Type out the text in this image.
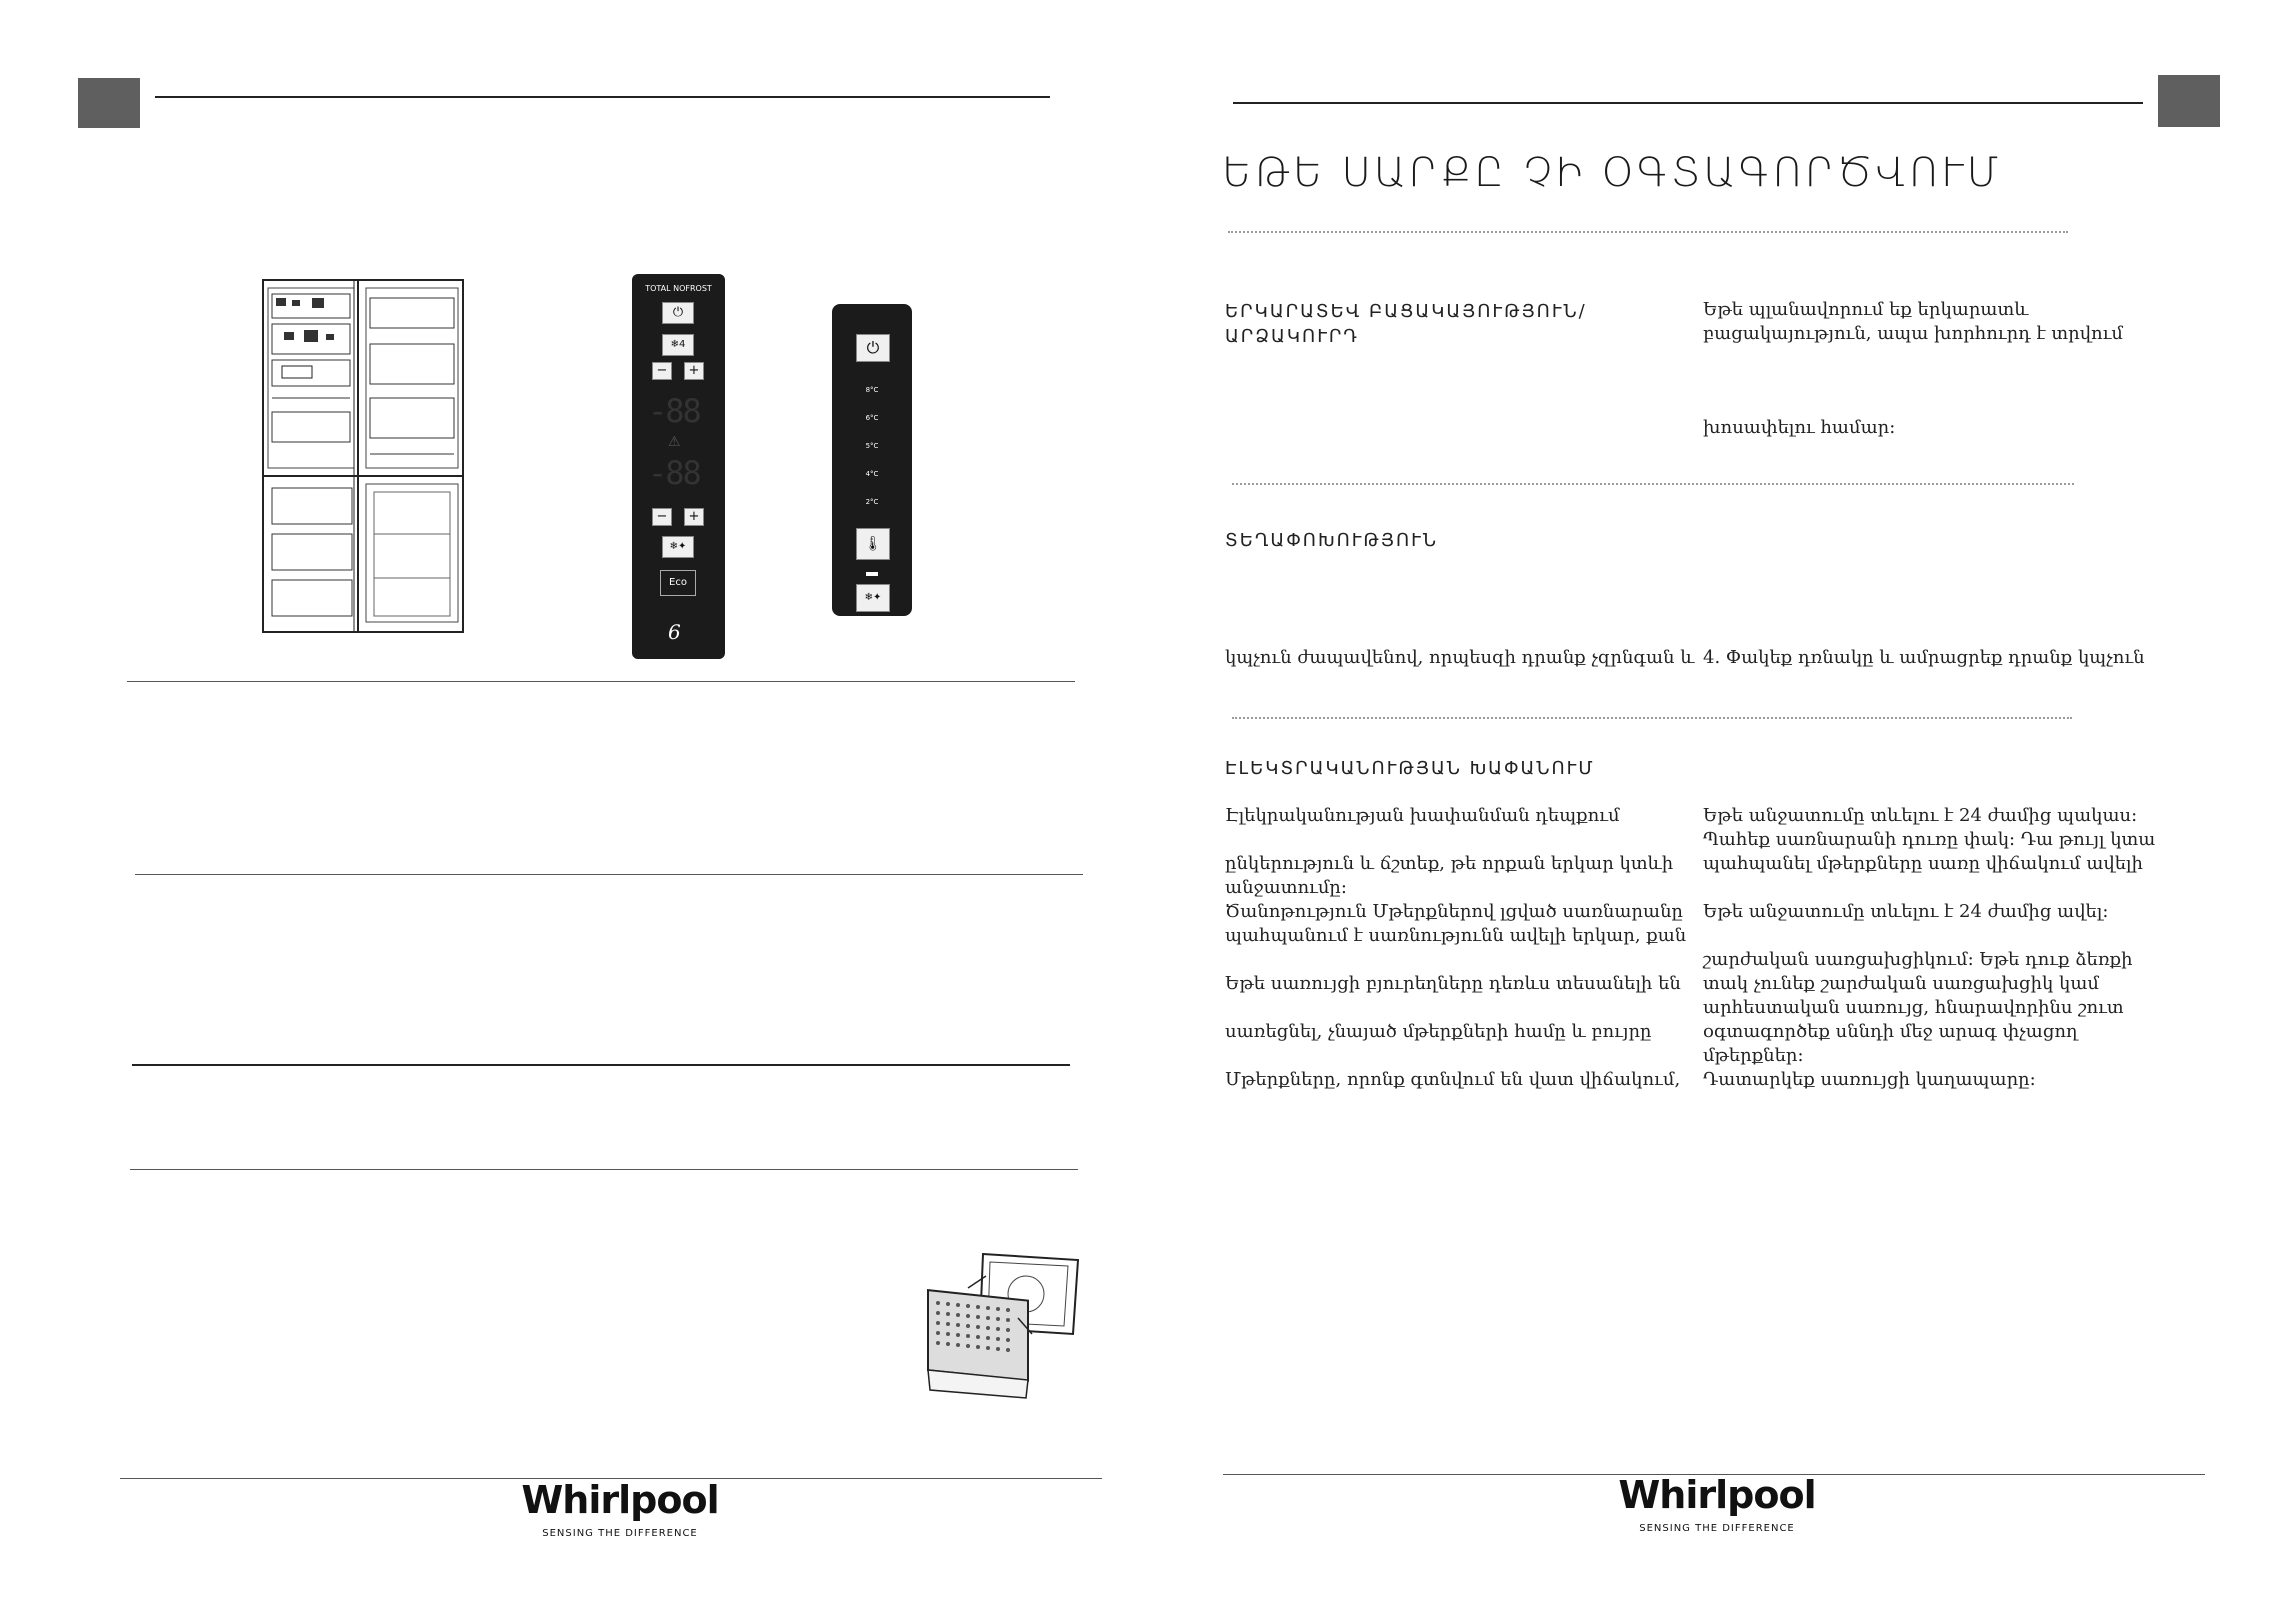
TOTAL NOFROST
⏻
❄4
−	+
-88
⚠
-88
−	+
❄✦
Eco
6
⏻
8°C
6°C
5°C
4°C
2°C
🌡
❄✦
Whirlpool
SENSING THE DIFFERENCE
ԵԹԵ ՍԱՐՔԸ ՉԻ ՕԳՏԱԳՈՐԾՎՈՒՄ
ԵՐԿԱՐԱՏԵՎ ԲԱՑԱԿԱՅՈՒԹՅՈՒՆ/ ԱՐՁԱԿՈՒՐԴ
Եթե պլանավորում եք երկարատև
բացակայություն, ապա խորհուրդ է տրվում
խոսափելու համար։
ՏԵՂԱՓՈԽՈՒԹՅՈՒՆ
կպչուն ժապավենով, որպեսզի դրանք չզրնգան և 4. Փակեք դռնակը և ամրացրեք դրանք կպչուն
ԷԼԵԿՏՐԱԿԱՆՈՒԹՅԱՆ ԽԱՓԱՆՈՒՄ
Էլեկրականության խափանման դեպքում
ընկերություն և ճշտեք, թե որքան երկար կտևի
անջատումը։
Ծանոթություն Մթերքներով լցված սառնարանը
պահպանում է սառնությունն ավելի երկար, քան
Եթե սառույցի բյուրեղները դեռևս տեսանելի են
սառեցնել, չնայած մթերքների համը և բույրը
Մթերքները, որոնք գտնվում են վատ վիճակում,
Եթե անջատումը տևելու է 24 ժամից պակաս:
Պահեք սառնարանի դուռը փակ: Դա թույլ կտա
պահպանել մթերքները սառը վիճակում ավելի
Եթե անջատումը տևելու է 24 ժամից ավել:
շարժական սառցախցիկում: Եթե դուք ձեռքի
տակ չունեք շարժական սառցախցիկ կամ
արհեստական սառույց, հնարավորինս շուտ
օգտագործեք սննդի մեջ արագ փչացող մթերքներ:
Դատարկեք սառույցի կաղապարը:
Whirlpool
SENSING THE DIFFERENCE
